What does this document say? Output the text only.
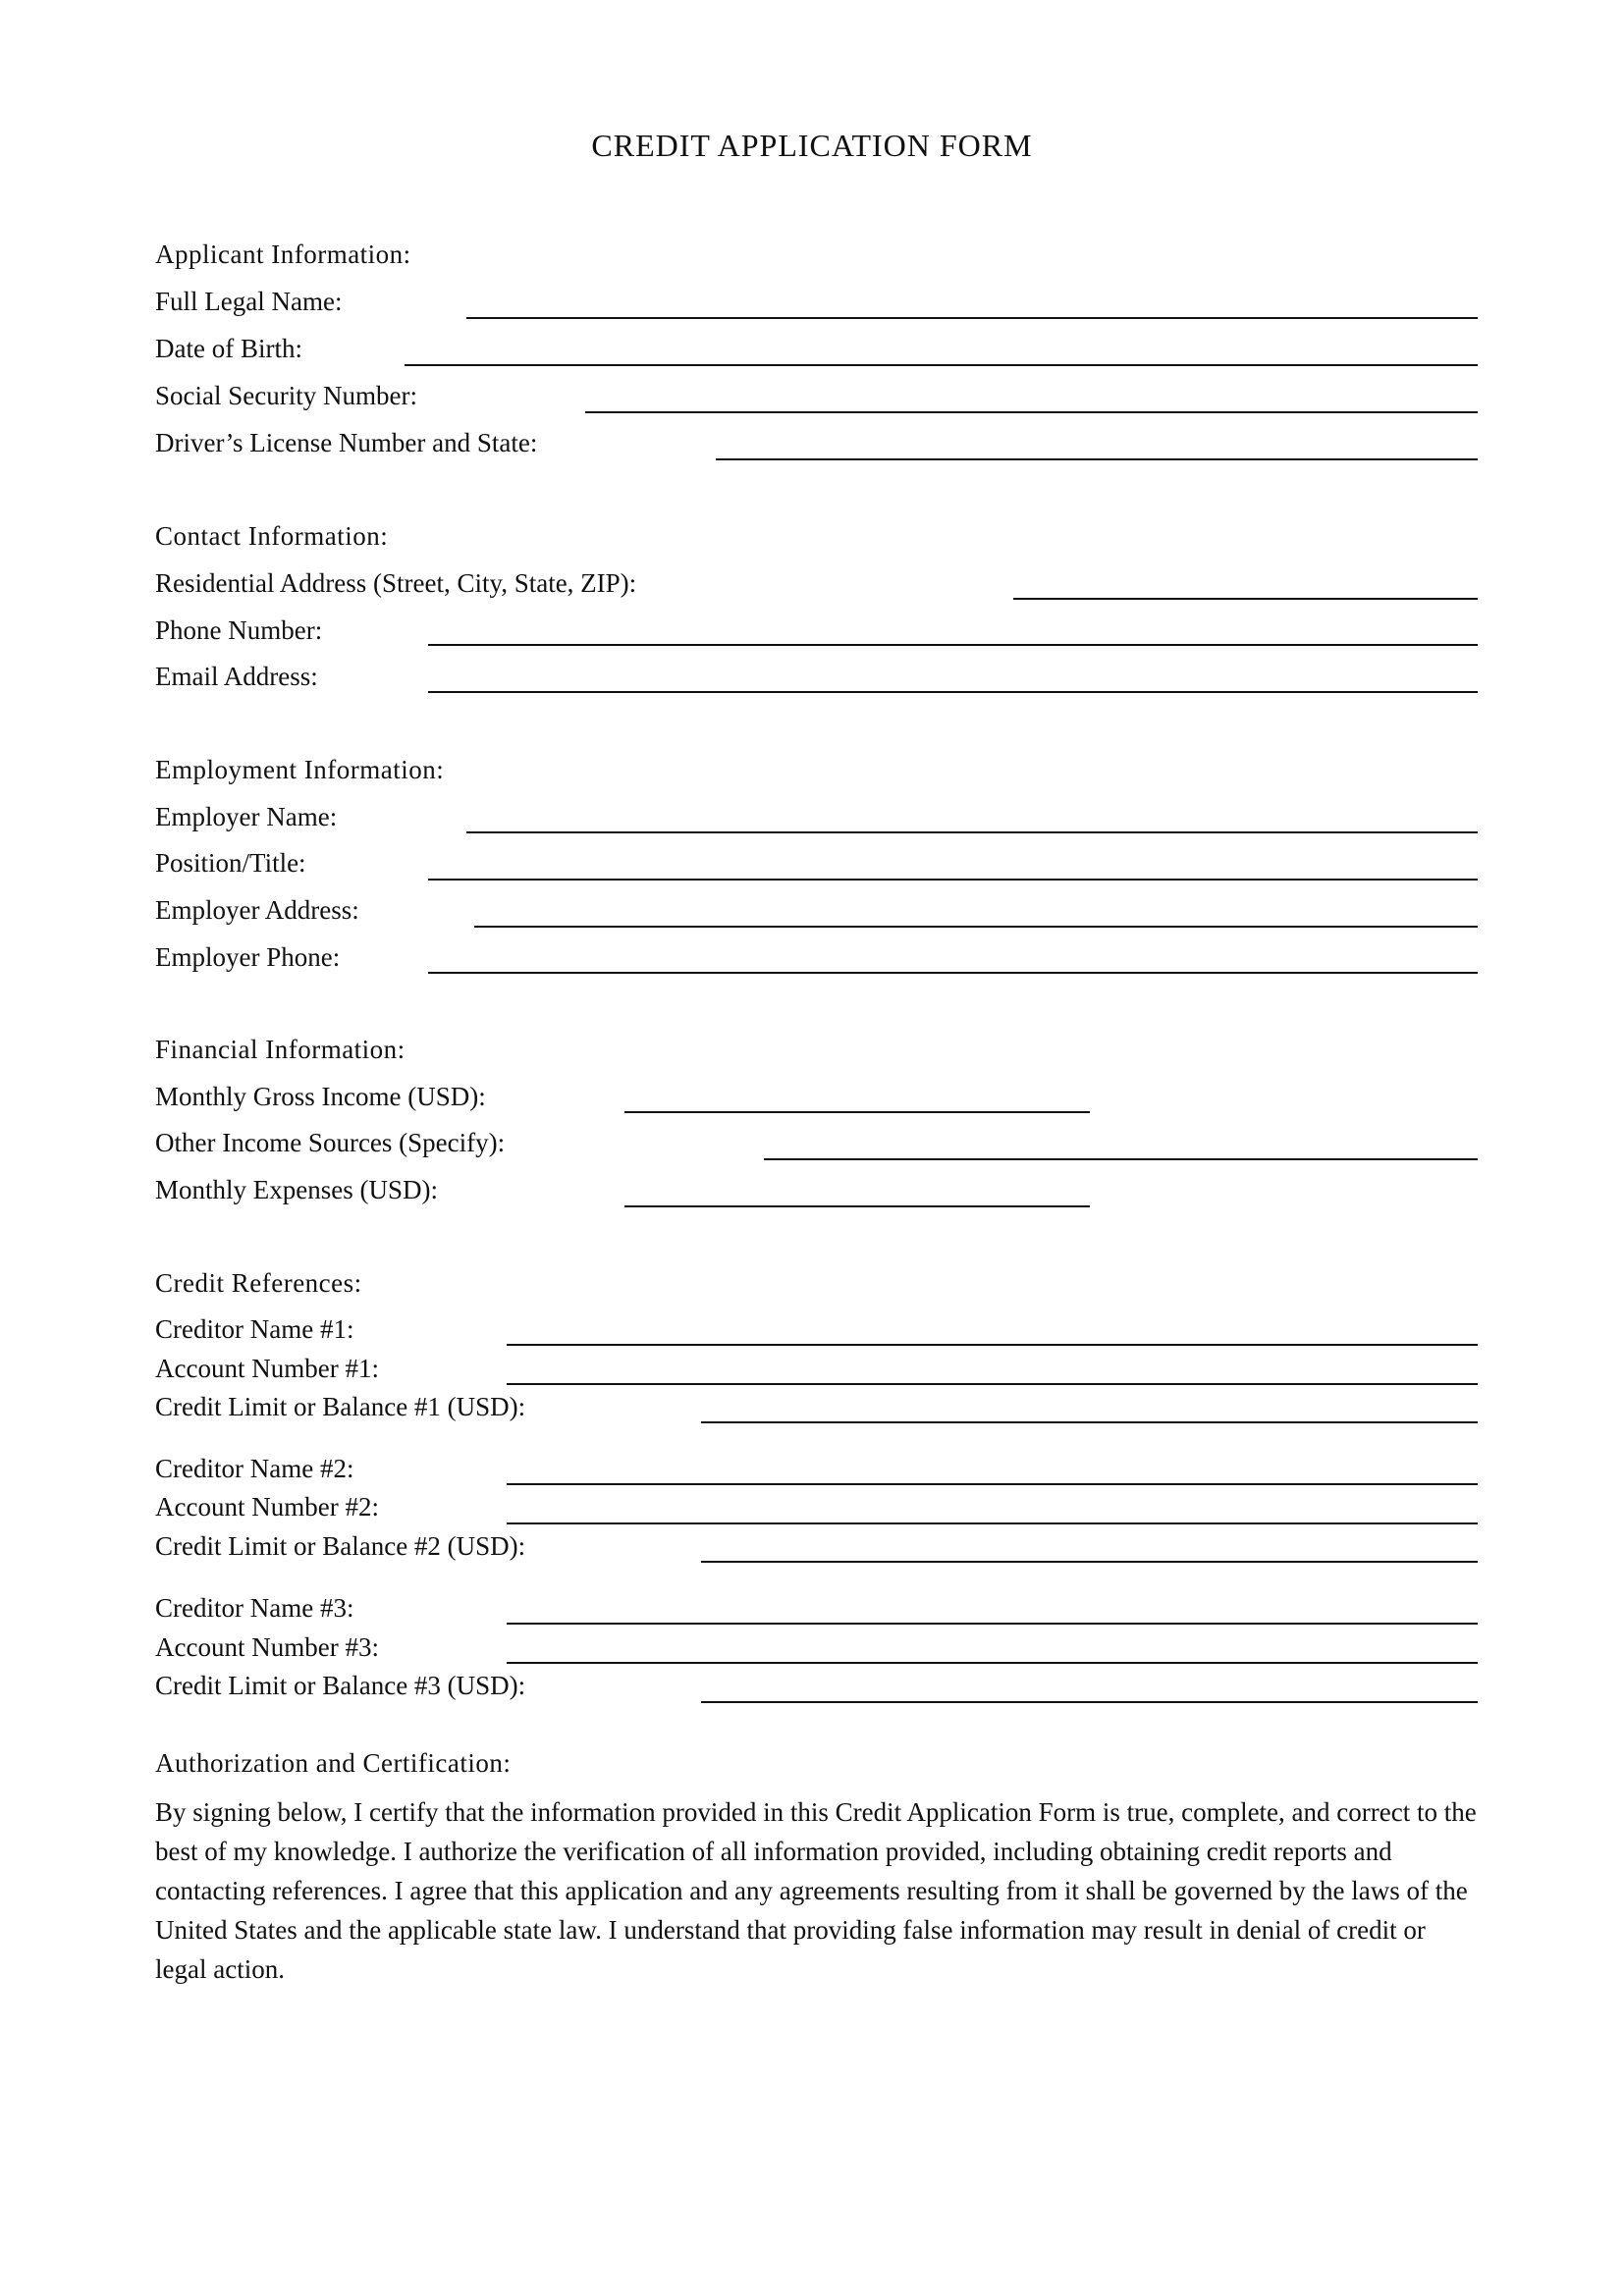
CREDIT APPLICATION FORM
Applicant Information:
Full Legal Name:
Date of Birth:
Social Security Number:
Driver’s License Number and State:
Contact Information:
Residential Address (Street, City, State, ZIP):
Phone Number:
Email Address:
Employment Information:
Employer Name:
Position/Title:
Employer Address:
Employer Phone:
Financial Information:
Monthly Gross Income (USD):
Other Income Sources (Specify):
Monthly Expenses (USD):
Credit References:
Creditor Name #1:
Account Number #1:
Credit Limit or Balance #1 (USD):
Creditor Name #2:
Account Number #2:
Credit Limit or Balance #2 (USD):
Creditor Name #3:
Account Number #3:
Credit Limit or Balance #3 (USD):
Authorization and Certification:
By signing below, I certify that the information provided in this Credit Application Form is true, complete, and correct to the best of my knowledge. I authorize the verification of all information provided, including obtaining credit reports and contacting references. I agree that this application and any agreements resulting from it shall be governed by the laws of the United States and the applicable state law. I understand that providing false information may result in denial of credit or legal action.
